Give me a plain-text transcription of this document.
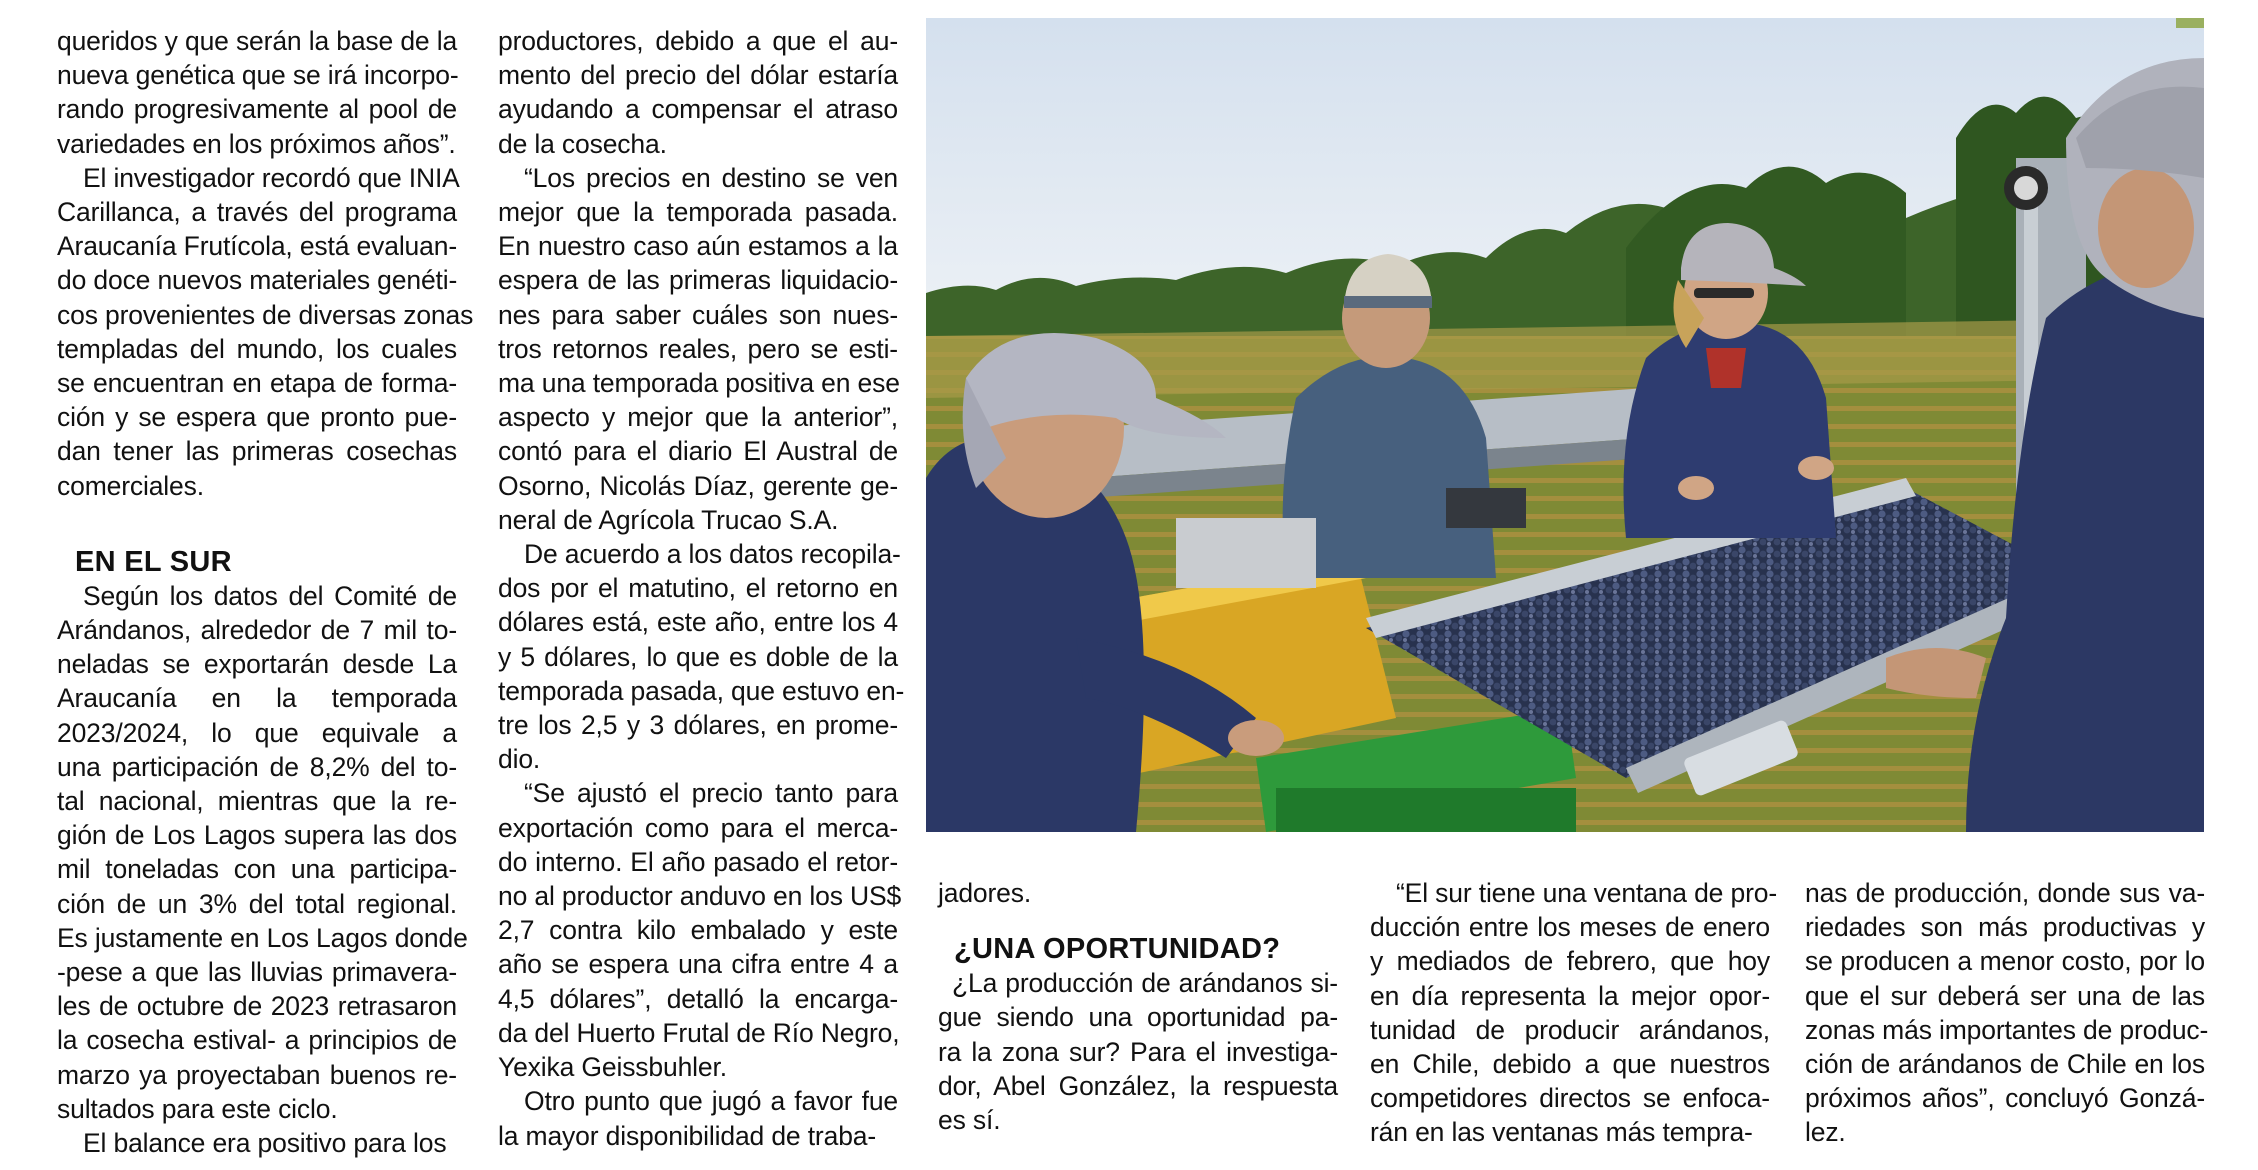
queridos y que serán la base de la
nueva genética que se irá incorpo-
rando progresivamente al pool de
variedades en los próximos años”.

El investigador recordó que INIA
Carillanca, a través del programa
Araucanía Frutícola, está evaluan-
do doce nuevos materiales genéti-
cos provenientes de diversas zonas
templadas del mundo, los cuales
se encuentran en etapa de forma-
ción y se espera que pronto pue-
dan tener las primeras cosechas
comerciales.

EN EL SUR

Según los datos del Comité de
Arándanos, alrededor de 7 mil to-
neladas se exportarán desde La
Araucanía en la temporada
2023/2024, lo que equivale a
una participación de 8,2% del to-
tal nacional, mientras que la re-
gión de Los Lagos supera las dos
mil toneladas con una participa-
ción de un 3% del total regional.
Es justamente en Los Lagos donde
-pese a que las lluvias primavera-
les de octubre de 2023 retrasaron
la cosecha estival- a principios de
marzo ya proyectaban buenos re-
sultados para este ciclo.

El balance era positivo para los

productores, debido a que el au-
mento del precio del dólar estaría
ayudando a compensar el atraso
de la cosecha.

“Los precios en destino se ven
mejor que la temporada pasada.
En nuestro caso aún estamos a la
espera de las primeras liquidacio-
nes para saber cuáles son nues-
tros retornos reales, pero se esti-
ma una temporada positiva en ese
aspecto y mejor que la anterior”,
contó para el diario El Austral de
Osorno, Nicolás Díaz, gerente ge-
neral de Agrícola Trucao S.A.

De acuerdo a los datos recopila-
dos por el matutino, el retorno en
dólares está, este año, entre los 4
y 5 dólares, lo que es doble de la
temporada pasada, que estuvo en-
tre los 2,5 y 3 dólares, en prome-
dio.

“Se ajustó el precio tanto para
exportación como para el merca-
do interno. El año pasado el retor-
no al productor anduvo en los US$
2,7 contra kilo embalado y este
año se espera una cifra entre 4 a
4,5 dólares”, detalló la encarga-
da del Huerto Frutal de Río Negro,
Yexika Geissbuhler.

Otro punto que jugó a favor fue
la mayor disponibilidad de traba-

jadores.

¿UNA OPORTUNIDAD?

¿La producción de arándanos si-
gue siendo una oportunidad pa-
ra la zona sur? Para el investiga-
dor, Abel González, la respuesta
es sí.

“El sur tiene una ventana de pro-
ducción entre los meses de enero
y mediados de febrero, que hoy
en día representa la mejor opor-
tunidad de producir arándanos,
en Chile, debido a que nuestros
competidores directos se enfoca-
rán en las ventanas más tempra-

nas de producción, donde sus va-
riedades son más productivas y
se producen a menor costo, por lo
que el sur deberá ser una de las
zonas más importantes de produc-
ción de arándanos de Chile en los
próximos años”, concluyó Gonzá-
lez.
